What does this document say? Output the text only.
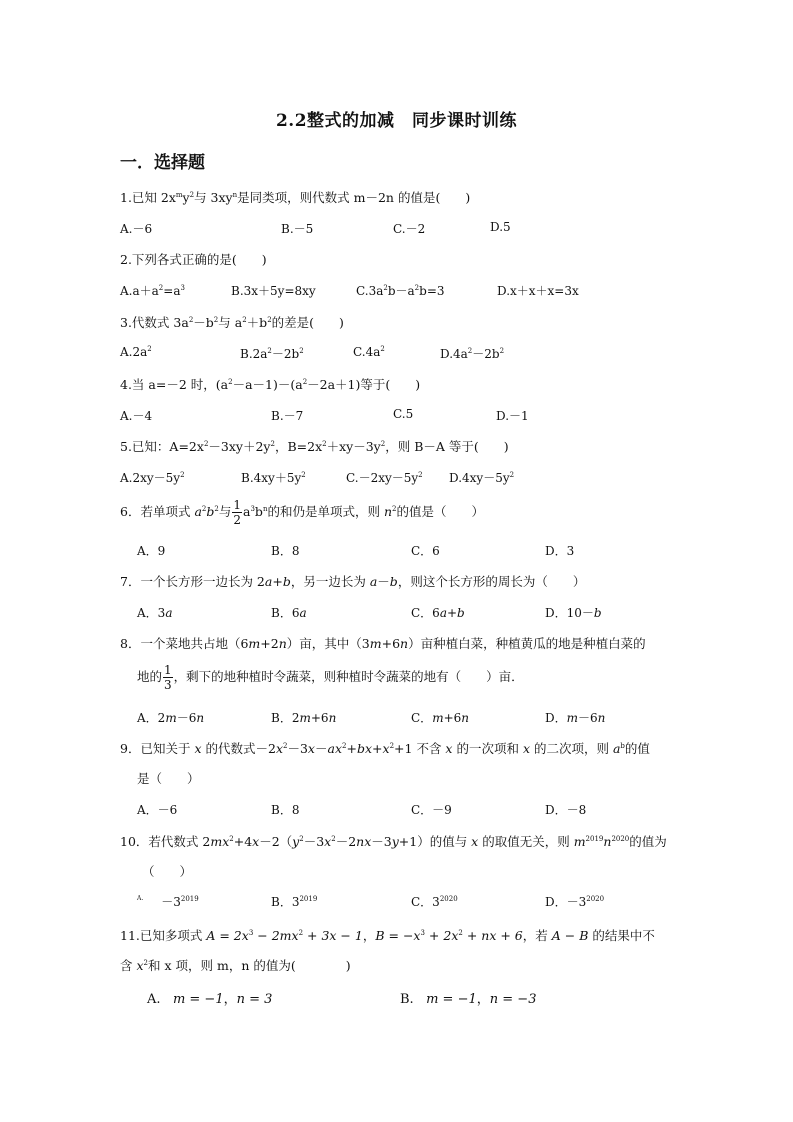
2.2整式的加减　同步课时训练
一．选择题
1.已知 $2x^my^2$与 $3xy^n$是同类项，则代数式 m－2n 的值是(　　)
A.－6	B.－5	C.－2	D.5
2.下列各式正确的是(　　)
$A.a+a^2=a^3$	B.3x＋5y=8xy	$C.3a^2b-a^2b=3$	D.x＋x＋x=3x
3.代数式 $3a^2-b^2$与 $a^2+b^2$的差是(　　)
$A.2a^2$	$B.2a^2-2b^2$	$C.4a^2$	$D.4a^2-2b^2$
4.当 a=－2 时，$(a^2-a-1)-(a^2-2a+1)$等于(　　)
A.－4	B.－7	C.5	D.－1
5.已知：$A=2x^2-3xy+2y^2$，$B=2x^2+xy-3y^2$，则 B－A 等于(　　)
$A.2xy-5y^2$	$B.4xy+5y^2$	$C.-2xy-5y^2$ $D.4xy-5y^2$
6．若单项式 $a^2b^2$与 $\frac{1}{2} a^3b^n$的和仍是单项式，则 $n^2$的值是（　　）
A．9	B．8	C．6	D．3
7．一个长方形一边长为 2a+b，另一边长为 a－b，则这个长方形的周长为（　　）
A．3a	B．6a	C．6a+b	D．10－b
8．一个菜地共占地（6m+2n）亩，其中（3m+6n）亩种植白菜，种植黄瓜的地是种植白菜的
地的 $\frac{1}{3}$ ，剩下的地种植时令蔬菜，则种植时令蔬菜的地有（　　）亩．
A．2m－6n	B．2m+6n	C．m+6n	D．m－6n
9．已知关于 x 的代数式$-2x^2-3x-ax^2+bx+x^2+1$ 不含 x 的一次项和 x 的二次项，则 $a^b$的值
是（　　）
A．－6	B．8	C．－9	D．－8
10．若代数式 $2mx^2+4x-2(y^2-3x^2-2nx-3y+1)$的值与 x 的取值无关，则 $m^{2019}n^{2020}$的值为
（　　）
$^{A.} -3^{2019}$	B．$3^{2019}$	C．$3^{2020}$	D．$-3^{2020}$
11.已知多项式 $A = 2x^3 - 2mx^2 + 3x - 1$，$B = -x^3 + 2x^2$ + nx + 6，若 A − B 的结果中不
含 $x^2$和 x 项，则 m，n 的值为(　　　　)
A. m = −1，n = 3	B. m = −1，n = −3
